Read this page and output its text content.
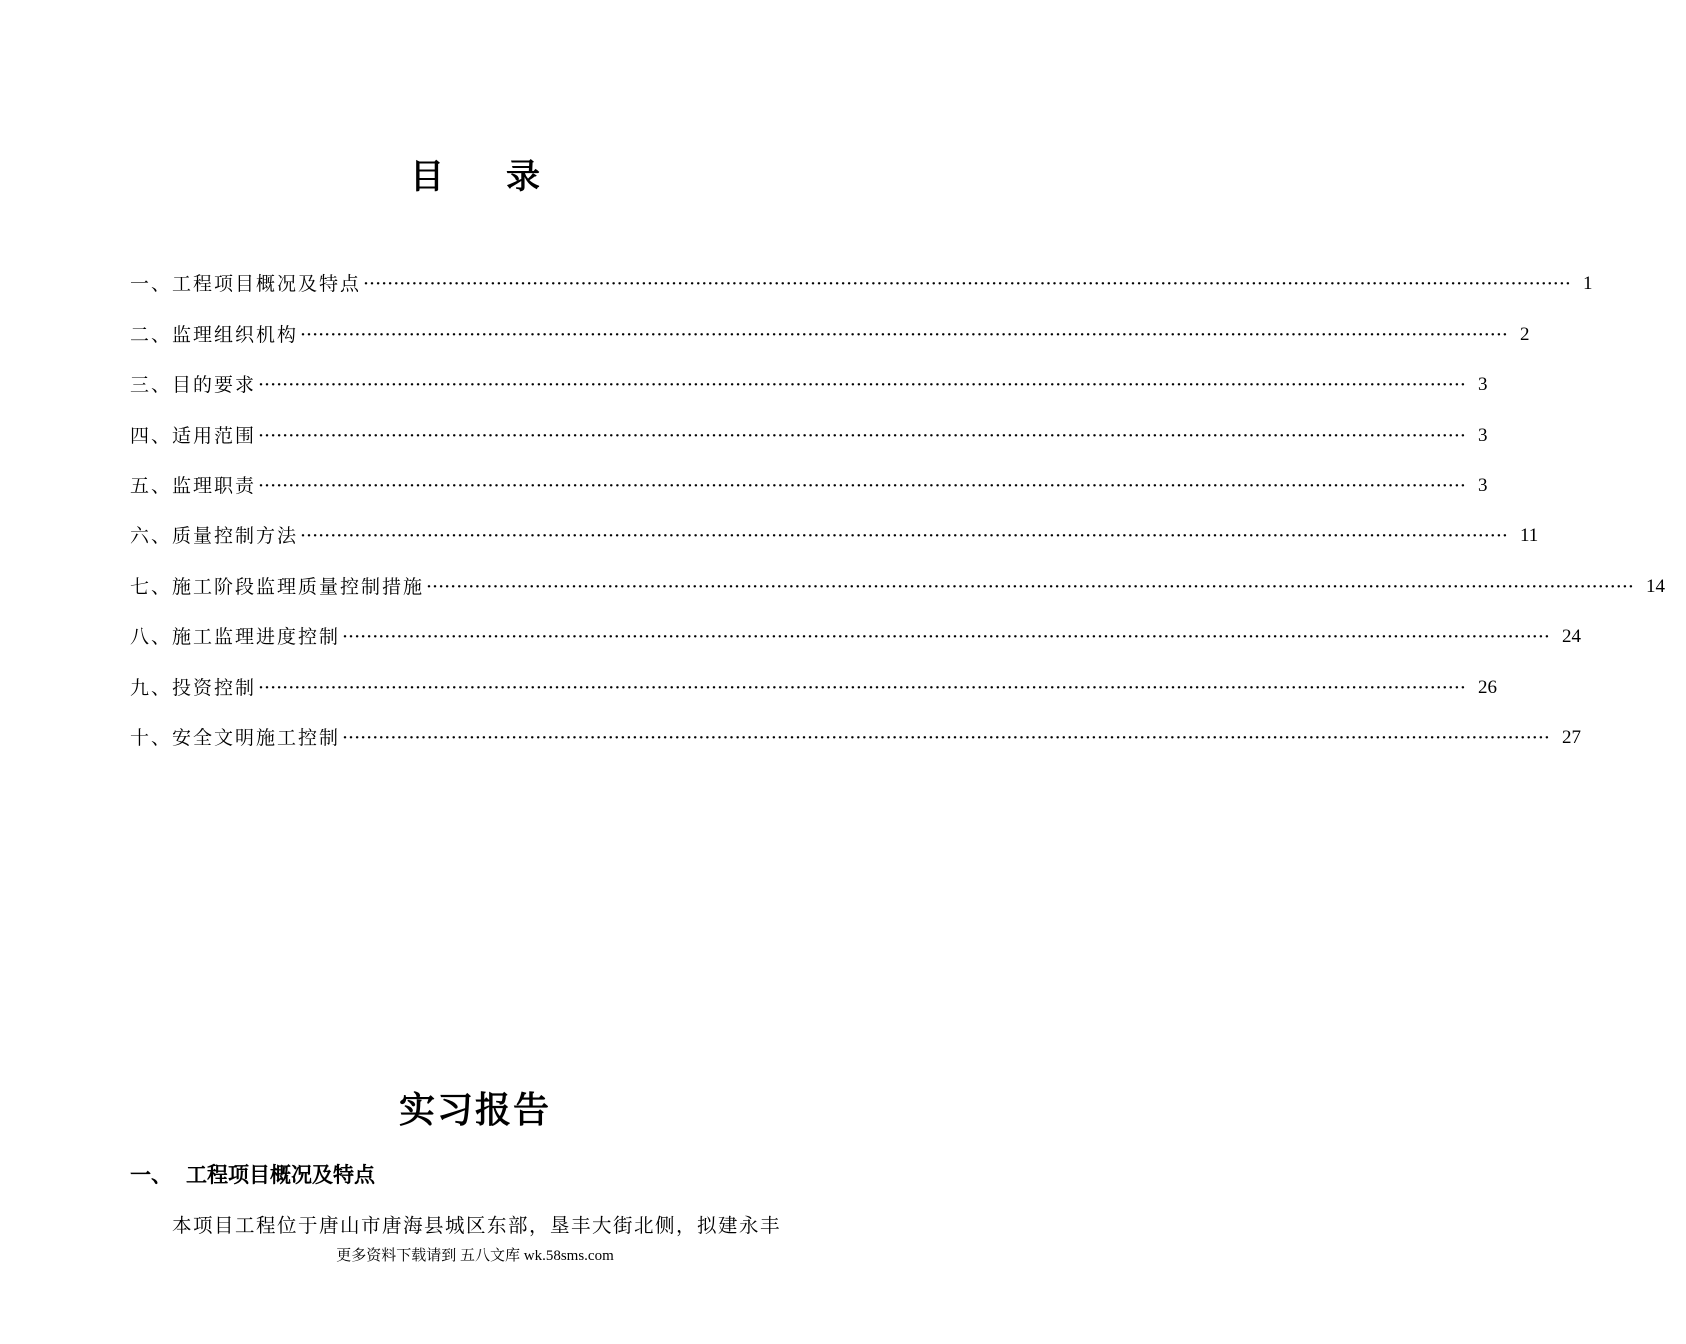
目录
一、工程项目概况及特点 ········································································································································································································ 1
二、监理组织机构 ········································································································································································································ 2
三、目的要求 ········································································································································································································ 3
四、适用范围 ········································································································································································································ 3
五、监理职责 ········································································································································································································ 3
六、质量控制方法 ········································································································································································································ 11
七、施工阶段监理质量控制措施 ········································································································································································································ 14
八、施工监理进度控制 ········································································································································································································ 24
九、投资控制 ········································································································································································································ 26
十、安全文明施工控制 ········································································································································································································ 27
实习报告
一、 工程项目概况及特点
本项目工程位于唐山市唐海县城区东部，垦丰大街北侧，拟建永丰
更多资料下载请到 五八文库 wk.58sms.com
